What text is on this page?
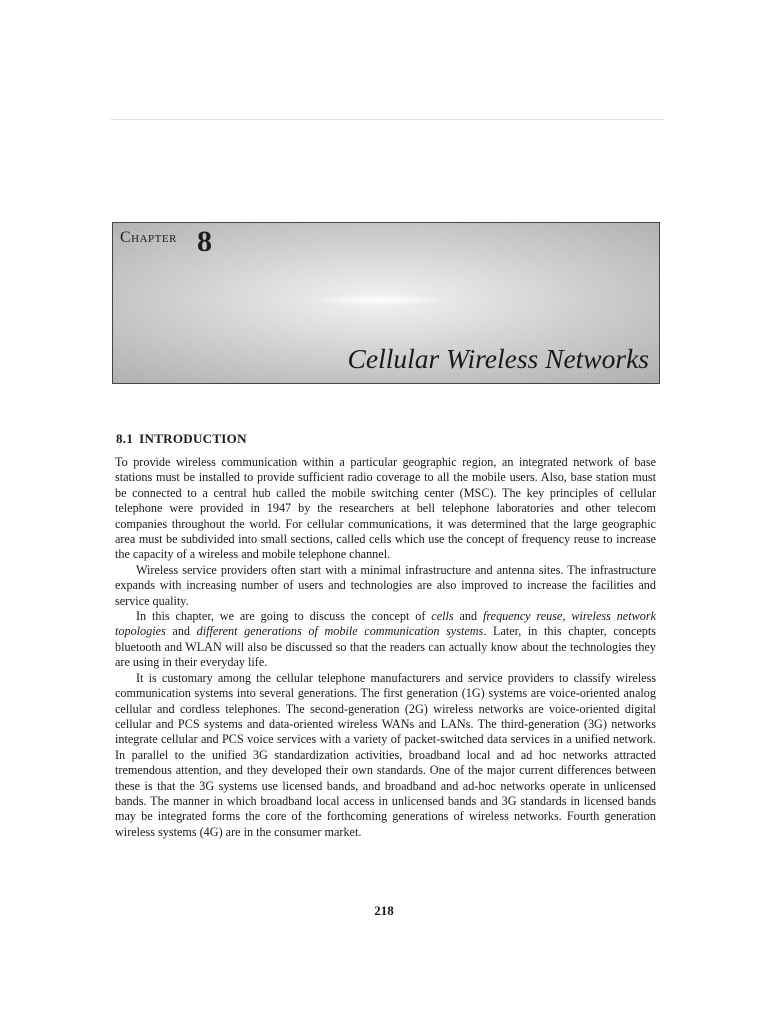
Chapter 8
Cellular Wireless Networks
8.1 INTRODUCTION

To provide wireless communication within a particular geographic region, an integrated network of base stations must be installed to provide sufficient radio coverage to all the mobile users. Also, base station must be connected to a central hub called the mobile switching center (MSC). The key principles of cellular telephone were provided in 1947 by the researchers at bell telephone laboratories and other telecom companies throughout the world. For cellular communications, it was determined that the large geographic area must be subdivided into small sections, called cells which use the concept of frequency reuse to increase the capacity of a wireless and mobile telephone channel.

Wireless service providers often start with a minimal infrastructure and antenna sites. The infrastructure expands with increasing number of users and technologies are also improved to increase the facilities and service quality.

In this chapter, we are going to discuss the concept of cells and frequency reuse, wireless network topologies and different generations of mobile communication systems. Later, in this chapter, concepts bluetooth and WLAN will also be discussed so that the readers can actually know about the technologies they are using in their everyday life.

It is customary among the cellular telephone manufacturers and service providers to classify wireless communication systems into several generations. The first generation (1G) systems are voice-oriented analog cellular and cordless telephones. The second-generation (2G) wireless networks are voice-oriented digital cellular and PCS systems and data-oriented wireless WANs and LANs. The third-generation (3G) networks integrate cellular and PCS voice services with a variety of packet-switched data services in a unified network. In parallel to the unified 3G standardization activities, broadband local and ad hoc networks attracted tremendous attention, and they developed their own standards. One of the major current differences between these is that the 3G systems use licensed bands, and broadband and ad-hoc networks operate in unlicensed bands. The manner in which broadband local access in unlicensed bands and 3G standards in licensed bands may be integrated forms the core of the forthcoming generations of wireless networks. Fourth generation wireless systems (4G) are in the consumer market.

218
